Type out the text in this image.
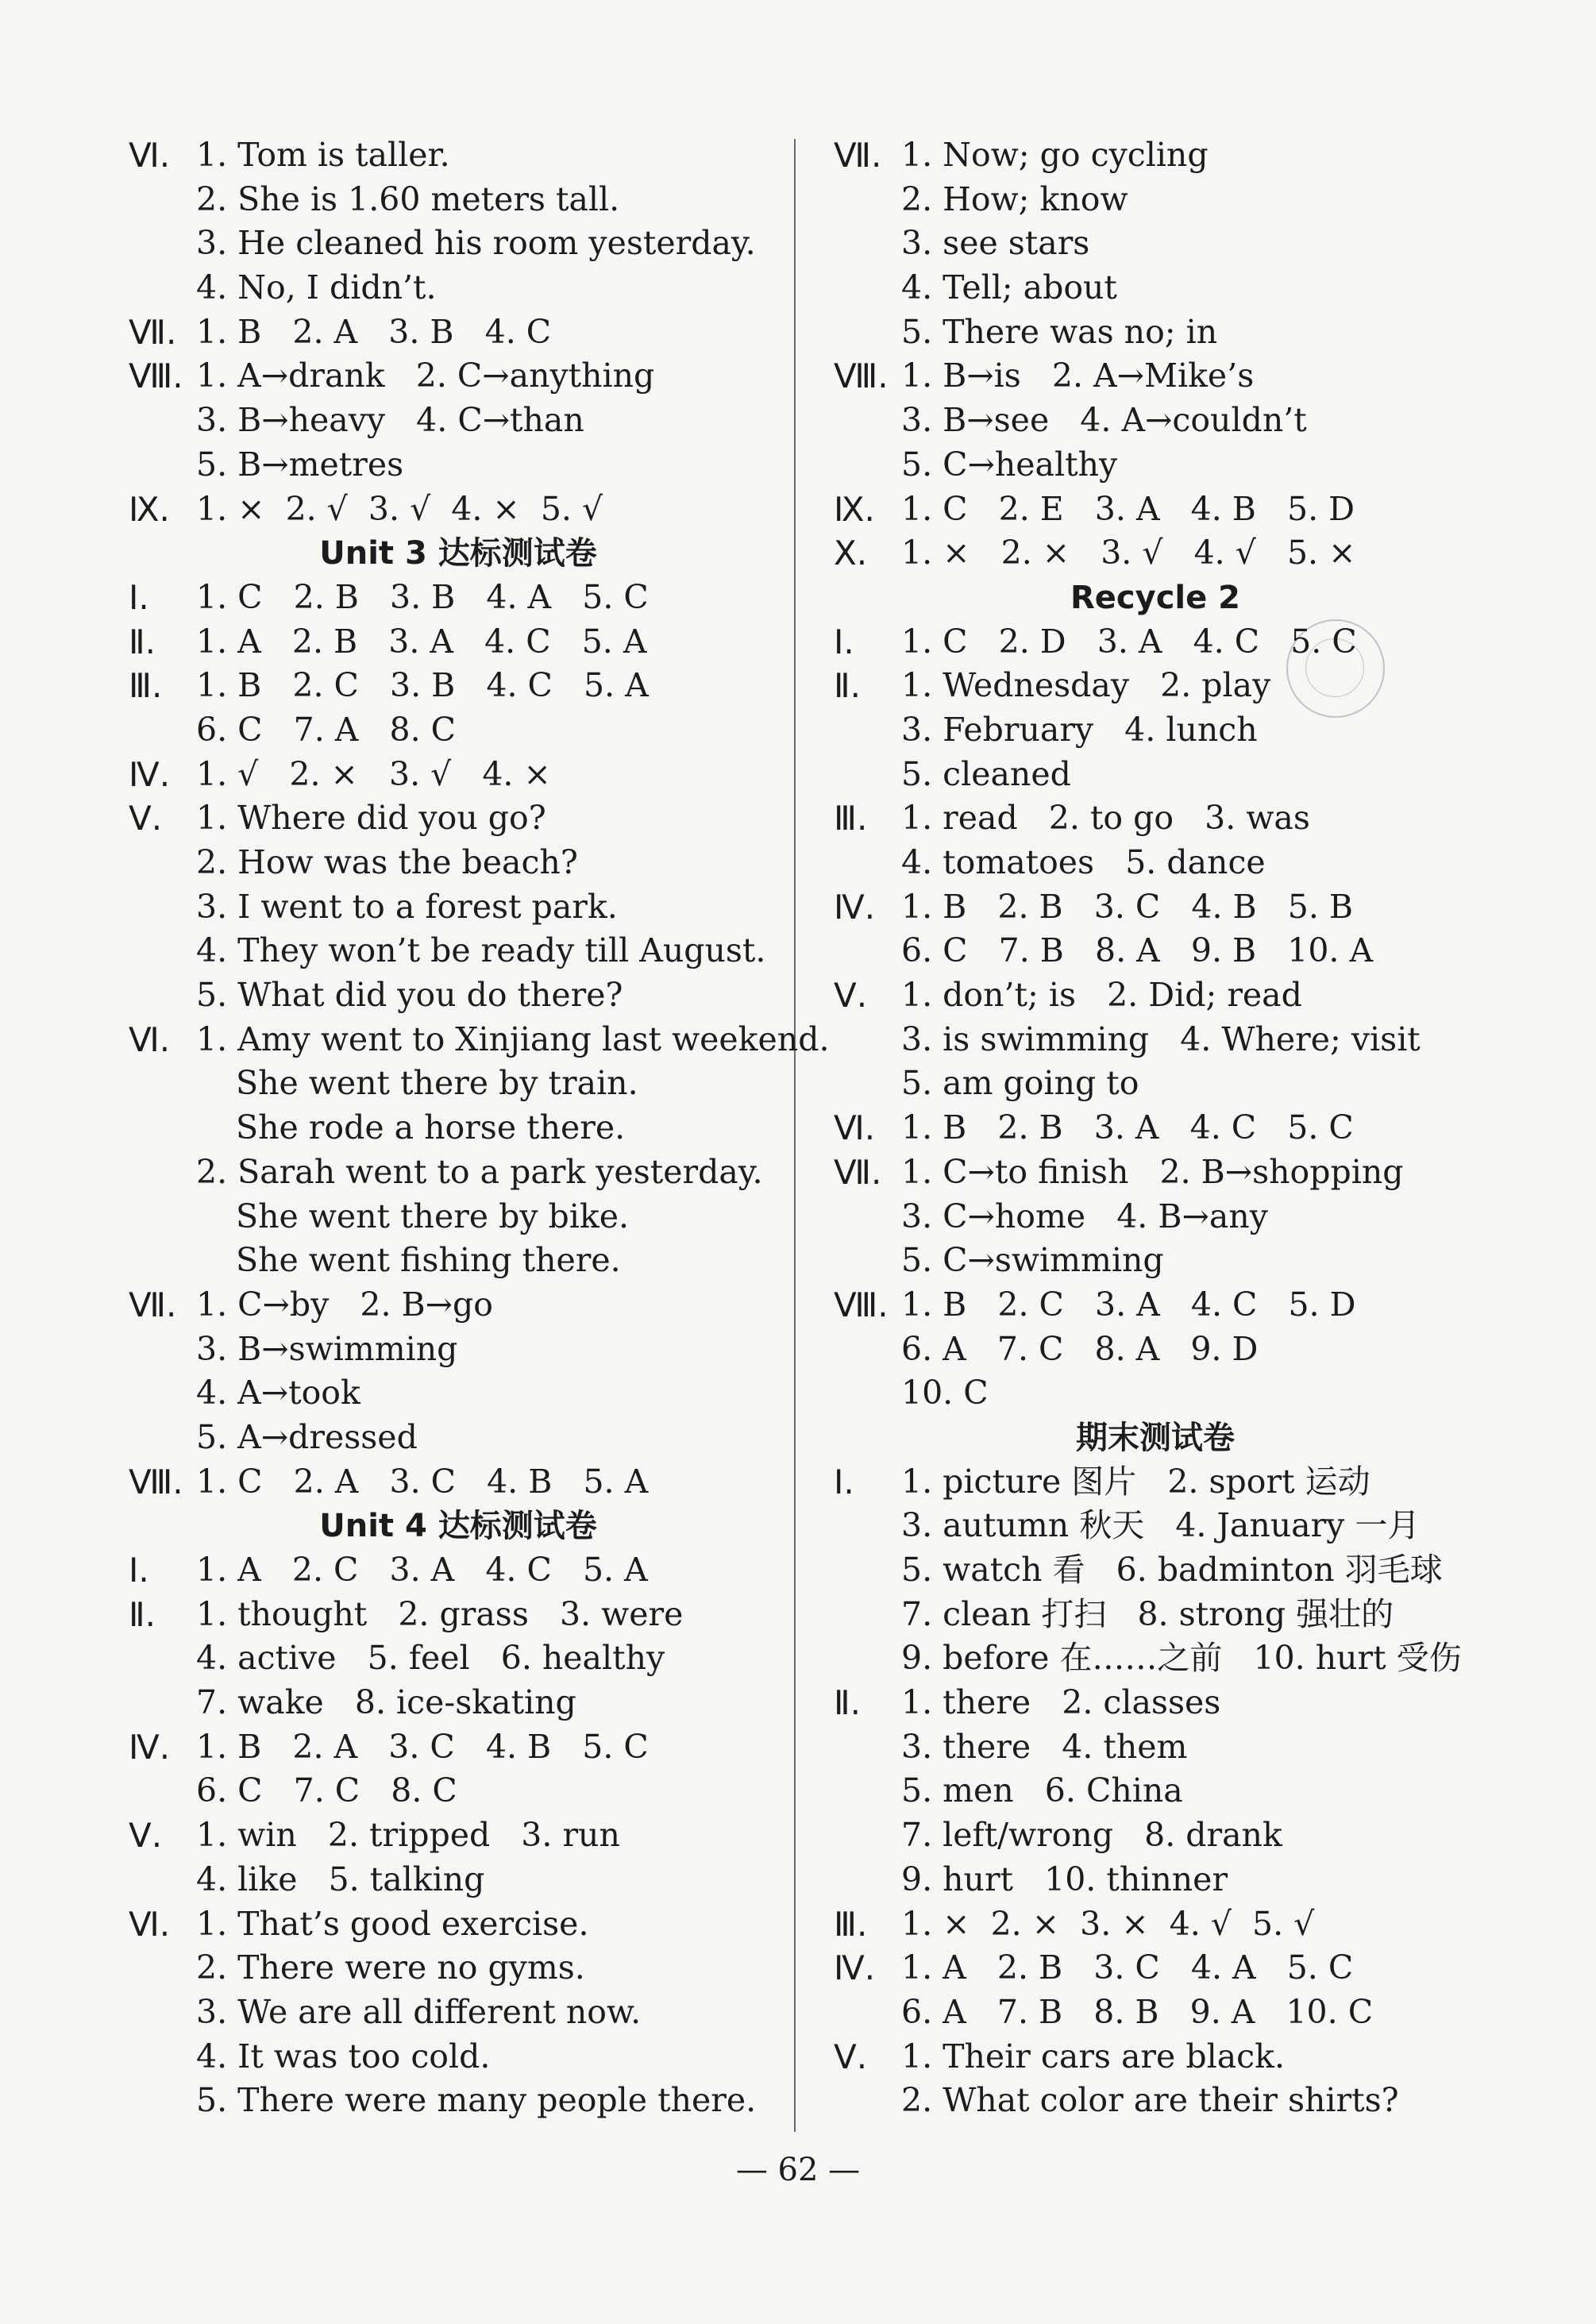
Ⅵ. 1. Tom is taller.
2. She is 1.60 meters tall.
3. He cleaned his room yesterday.
4. No, I didn’t.
Ⅶ. 1. B   2. A   3. B   4. C
Ⅷ. 1. A→drank   2. C→anything
3. B→heavy   4. C→than
5. B→metres
Ⅸ. 1. ×  2. √  3. √  4. ×  5. √
Unit 3 达标测试卷
Ⅰ. 1. C   2. B   3. B   4. A   5. C
Ⅱ. 1. A   2. B   3. A   4. C   5. A
Ⅲ. 1. B   2. C   3. B   4. C   5. A
6. C   7. A   8. C
Ⅳ. 1. √   2. ×   3. √   4. ×
Ⅴ. 1. Where did you go?
2. How was the beach?
3. I went to a forest park.
4. They won’t be ready till August.
5. What did you do there?
Ⅵ. 1. Amy went to Xinjiang last weekend.
She went there by train.
She rode a horse there.
2. Sarah went to a park yesterday.
She went there by bike.
She went fishing there.
Ⅶ. 1. C→by   2. B→go
3. B→swimming
4. A→took
5. A→dressed
Ⅷ. 1. C   2. A   3. C   4. B   5. A
Unit 4 达标测试卷
Ⅰ. 1. A   2. C   3. A   4. C   5. A
Ⅱ. 1. thought   2. grass   3. were
4. active   5. feel   6. healthy
7. wake   8. ice-skating
Ⅳ. 1. B   2. A   3. C   4. B   5. C
6. C   7. C   8. C
Ⅴ. 1. win   2. tripped   3. run
4. like   5. talking
Ⅵ. 1. That’s good exercise.
2. There were no gyms.
3. We are all different now.
4. It was too cold.
5. There were many people there.
Ⅶ. 1. Now; go cycling
2. How; know
3. see stars
4. Tell; about
5. There was no; in
Ⅷ. 1. B→is   2. A→Mike’s
3. B→see   4. A→couldn’t
5. C→healthy
Ⅸ. 1. C   2. E   3. A   4. B   5. D
Ⅹ. 1. ×   2. ×   3. √   4. √   5. ×
Recycle 2
Ⅰ. 1. C   2. D   3. A   4. C   5. C
Ⅱ. 1. Wednesday   2. play
3. February   4. lunch
5. cleaned
Ⅲ. 1. read   2. to go   3. was
4. tomatoes   5. dance
Ⅳ. 1. B   2. B   3. C   4. B   5. B
6. C   7. B   8. A   9. B   10. A
Ⅴ. 1. don’t; is   2. Did; read
3. is swimming   4. Where; visit
5. am going to
Ⅵ. 1. B   2. B   3. A   4. C   5. C
Ⅶ. 1. C→to finish   2. B→shopping
3. C→home   4. B→any
5. C→swimming
Ⅷ. 1. B   2. C   3. A   4. C   5. D
6. A   7. C   8. A   9. D
10. C
期末测试卷
Ⅰ. 1. picture 图片   2. sport 运动
3. autumn 秋天   4. January 一月
5. watch 看   6. badminton 羽毛球
7. clean 打扫   8. strong 强壮的
9. before 在……之前   10. hurt 受伤
Ⅱ. 1. there   2. classes
3. there   4. them
5. men   6. China
7. left/wrong   8. drank
9. hurt   10. thinner
Ⅲ. 1. ×  2. ×  3. ×  4. √  5. √
Ⅳ. 1. A   2. B   3. C   4. A   5. C
6. A   7. B   8. B   9. A   10. C
Ⅴ. 1. Their cars are black.
2. What color are their shirts?
— 62 —
